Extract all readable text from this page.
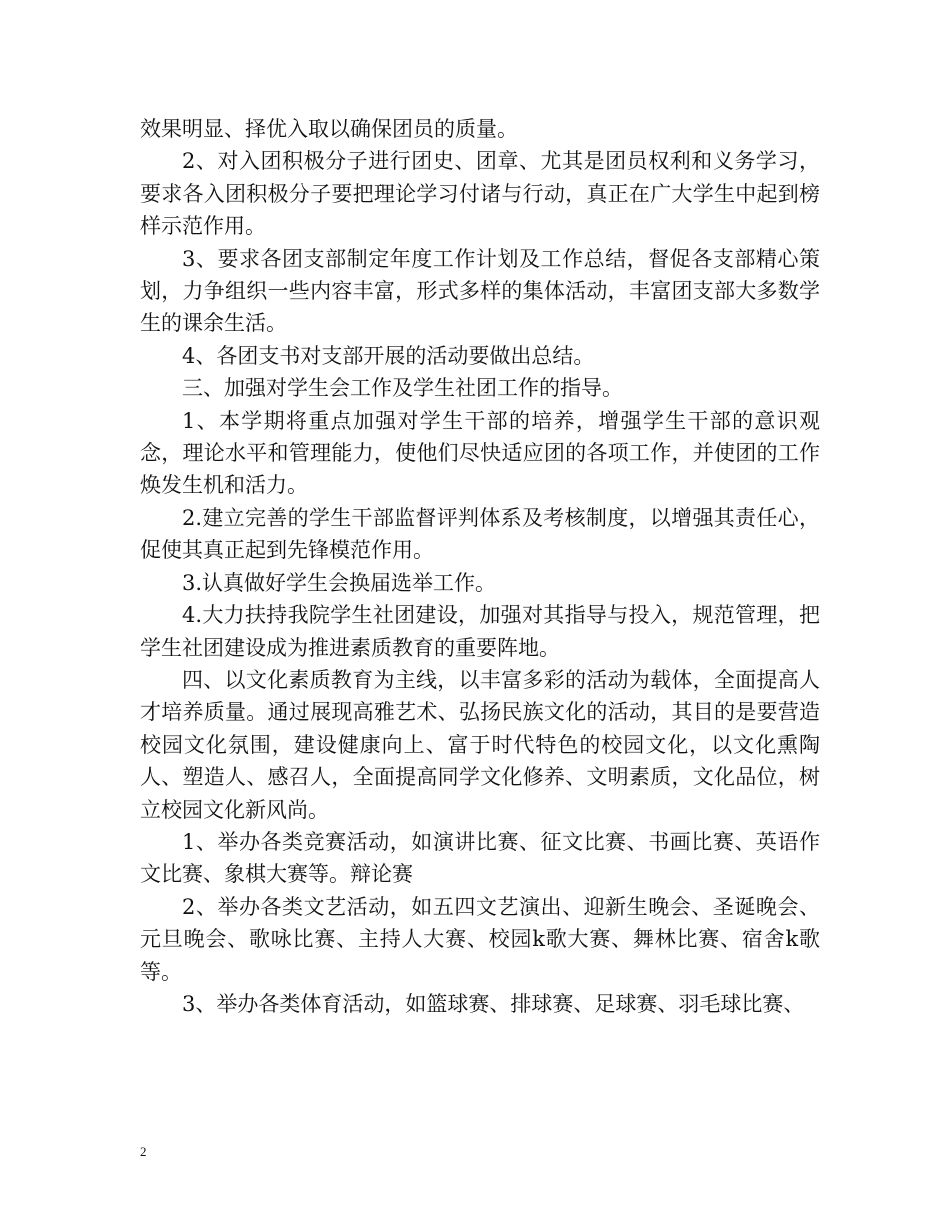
效果明显、择优入取以确保团员的质量。

2、对入团积极分子进行团史、团章、尤其是团员权利和义务学习，要求各入团积极分子要把理论学习付诸与行动，真正在广大学生中起到榜样示范作用。

3、要求各团支部制定年度工作计划及工作总结，督促各支部精心策划，力争组织一些内容丰富，形式多样的集体活动，丰富团支部大多数学生的课余生活。

4、各团支书对支部开展的活动要做出总结。

三、加强对学生会工作及学生社团工作的指导。

1、本学期将重点加强对学生干部的培养，增强学生干部的意识观念，理论水平和管理能力，使他们尽快适应团的各项工作，并使团的工作焕发生机和活力。

2.建立完善的学生干部监督评判体系及考核制度，以增强其责任心，促使其真正起到先锋模范作用。

3.认真做好学生会换届选举工作。

4.大力扶持我院学生社团建设，加强对其指导与投入，规范管理，把学生社团建设成为推进素质教育的重要阵地。

四、以文化素质教育为主线，以丰富多彩的活动为载体，全面提高人才培养质量。通过展现高雅艺术、弘扬民族文化的活动，其目的是要营造校园文化氛围，建设健康向上、富于时代特色的校园文化，以文化熏陶人、塑造人、感召人，全面提高同学文化修养、文明素质，文化品位，树立校园文化新风尚。

1、举办各类竞赛活动，如演讲比赛、征文比赛、书画比赛、英语作文比赛、象棋大赛等。辩论赛

2、举办各类文艺活动，如五四文艺演出、迎新生晚会、圣诞晚会、元旦晚会、歌咏比赛、主持人大赛、校园k歌大赛、舞林比赛、宿舍k歌等。

3、举办各类体育活动，如篮球赛、排球赛、足球赛、羽毛球比赛、

2
